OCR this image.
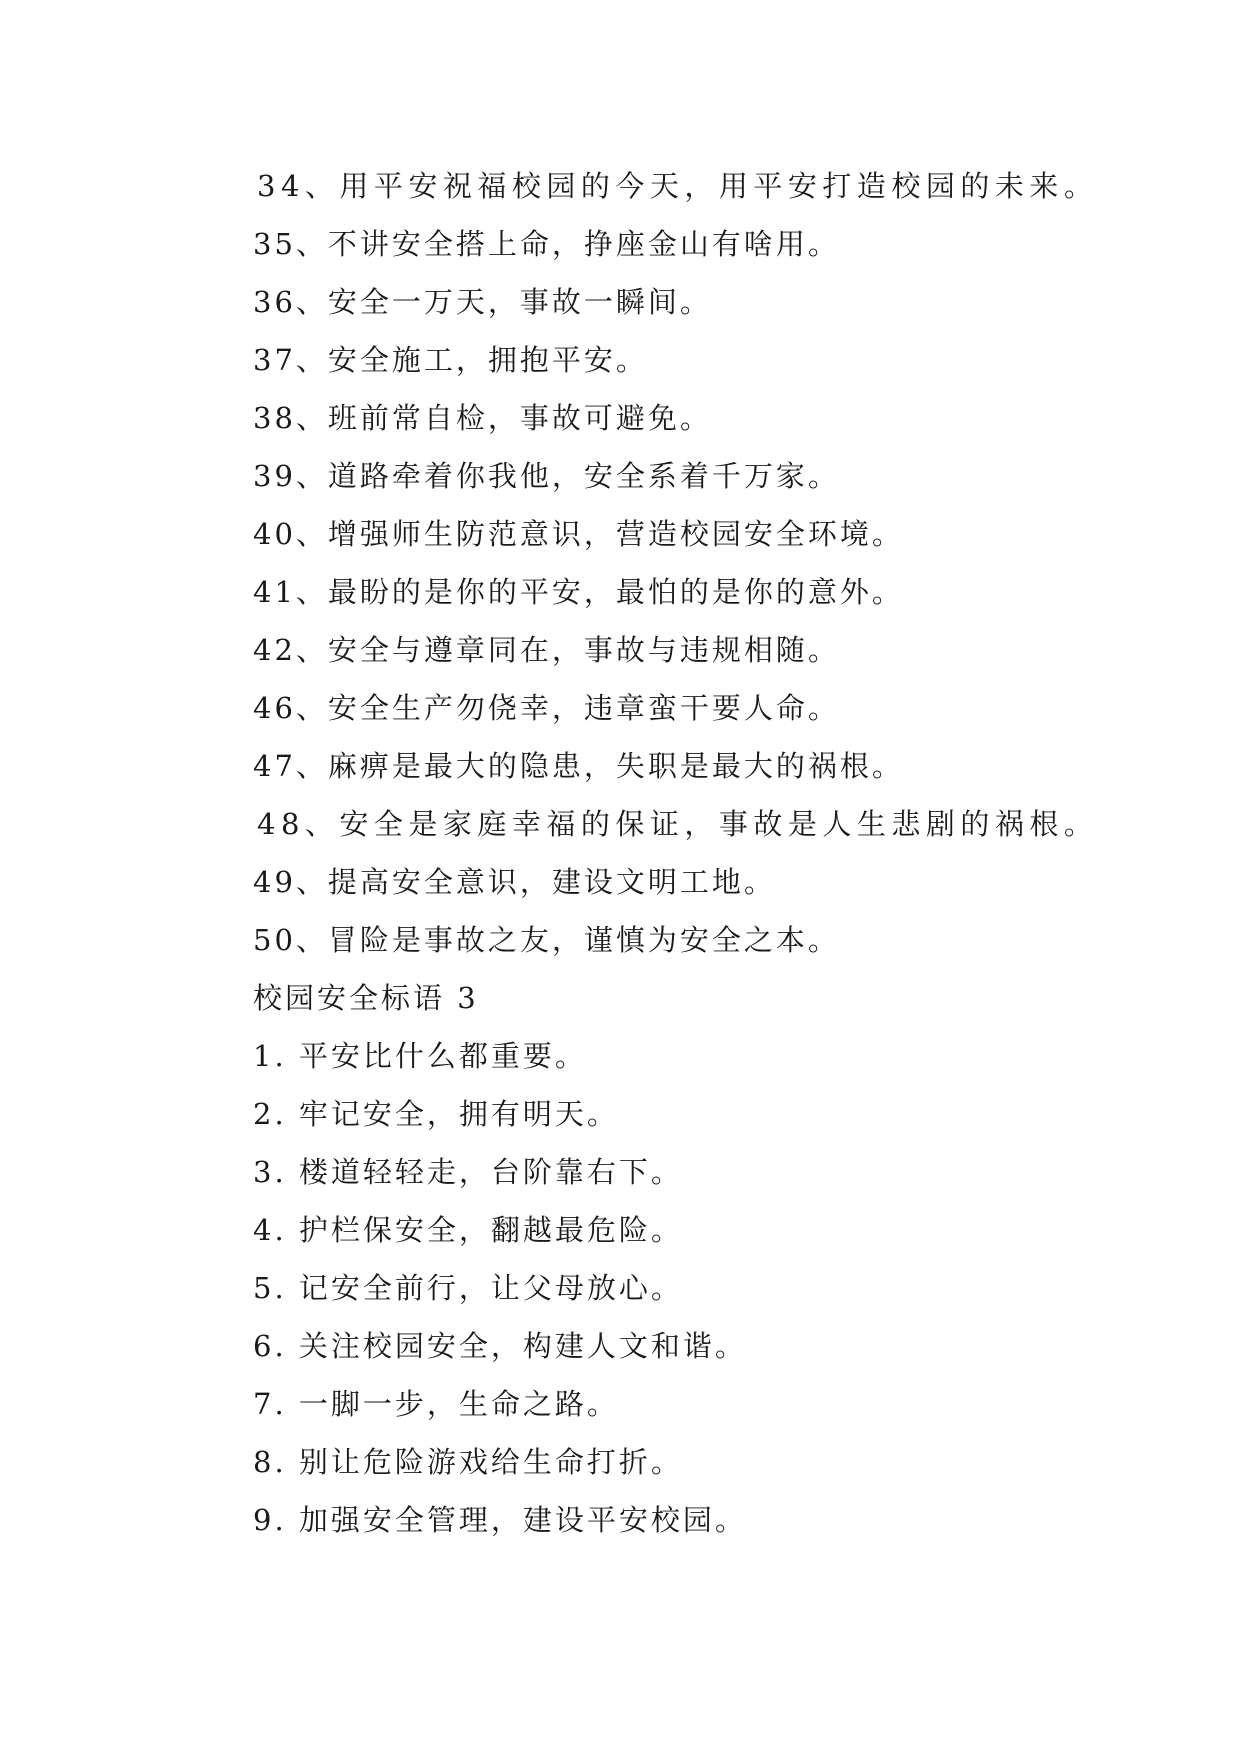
34、用平安祝福校园的今天，用平安打造校园的未来。
35、不讲安全搭上命，挣座金山有啥用。
36、安全一万天，事故一瞬间。
37、安全施工，拥抱平安。
38、班前常自检，事故可避免。
39、道路牵着你我他，安全系着千万家。
40、增强师生防范意识，营造校园安全环境。
41、最盼的是你的平安，最怕的是你的意外。
42、安全与遵章同在，事故与违规相随。
46、安全生产勿侥幸，违章蛮干要人命。
47、麻痹是最大的隐患，失职是最大的祸根。
48、安全是家庭幸福的保证，事故是人生悲剧的祸根。
49、提高安全意识，建设文明工地。
50、冒险是事故之友，谨慎为安全之本。
校园安全标语 3
1. 平安比什么都重要。
2. 牢记安全，拥有明天。
3. 楼道轻轻走，台阶靠右下。
4. 护栏保安全，翻越最危险。
5. 记安全前行，让父母放心。
6. 关注校园安全，构建人文和谐。
7. 一脚一步，生命之路。
8. 别让危险游戏给生命打折。
9. 加强安全管理，建设平安校园。
